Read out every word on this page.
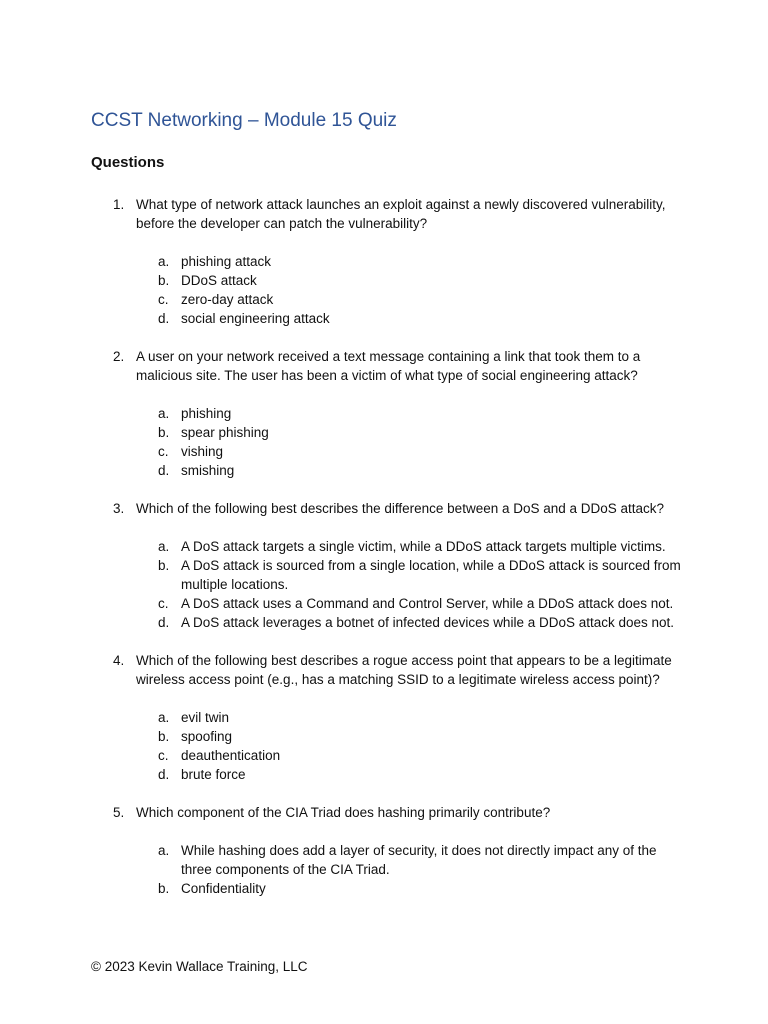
CCST Networking – Module 15 Quiz
Questions
1. What type of network attack launches an exploit against a newly discovered vulnerability, before the developer can patch the vulnerability?
a. phishing attack
b. DDoS attack
c. zero-day attack
d. social engineering attack
2. A user on your network received a text message containing a link that took them to a malicious site. The user has been a victim of what type of social engineering attack?
a. phishing
b. spear phishing
c. vishing
d. smishing
3. Which of the following best describes the difference between a DoS and a DDoS attack?
a. A DoS attack targets a single victim, while a DDoS attack targets multiple victims.
b. A DoS attack is sourced from a single location, while a DDoS attack is sourced from multiple locations.
c. A DoS attack uses a Command and Control Server, while a DDoS attack does not.
d. A DoS attack leverages a botnet of infected devices while a DDoS attack does not.
4. Which of the following best describes a rogue access point that appears to be a legitimate wireless access point (e.g., has a matching SSID to a legitimate wireless access point)?
a. evil twin
b. spoofing
c. deauthentication
d. brute force
5. Which component of the CIA Triad does hashing primarily contribute?
a. While hashing does add a layer of security, it does not directly impact any of the three components of the CIA Triad.
b. Confidentiality
© 2023 Kevin Wallace Training, LLC
